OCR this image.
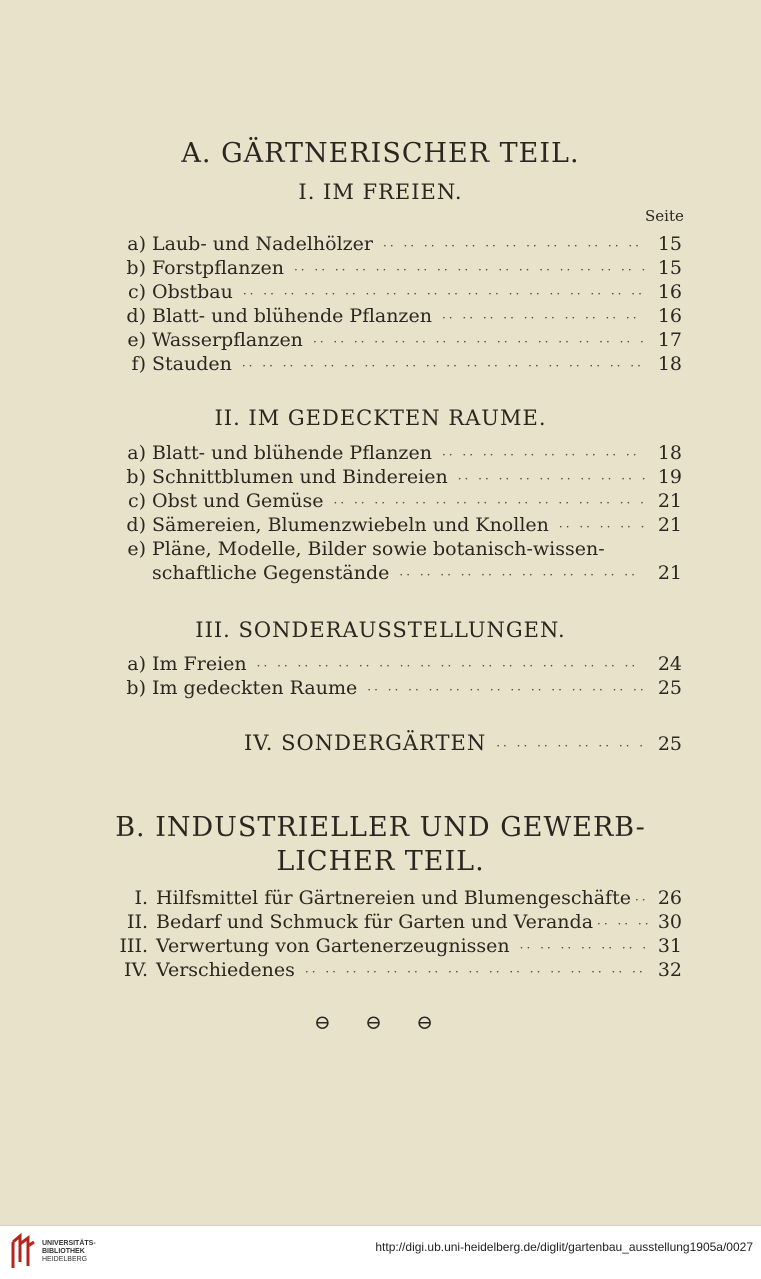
A. GÄRTNERISCHER TEIL.
I. IM FREIEN.
Seite
a) Laub- und Nadelhölzer ·· ··	15
b) Forstpflanzen ·· ··	15
c) Obstbau ·· ··	16
d) Blatt- und blühende Pflanzen ·· ··	16
e) Wasserpflanzen ·· ··	17
f) Stauden ·· ··	18
II. IM GEDECKTEN RAUME.
a) Blatt- und blühende Pflanzen ·· ··	18
b) Schnittblumen und Bindereien ·· ··	19
c) Obst und Gemüse ·· ··	21
d) Sämereien, Blumenzwiebeln und Knollen ·· ··	21
e) Pläne, Modelle, Bilder sowie botanisch-wissen-
schaftliche Gegenstände ·· ··	21
III. SONDERAUSSTELLUNGEN.
a) Im Freien ·· ··	24
b) Im gedeckten Raume ·· ··	25
IV. SONDERGÄRTEN ·· ··	25
B. INDUSTRIELLER UND GEWERB-
LICHER TEIL.
I. Hilfsmittel für Gärtnereien und Blumengeschäfte ·· ·· 26
II. Bedarf und Schmuck für Garten und Veranda ·· ··	30
III. Verwertung von Gartenerzeugnissen ·· ··	31
IV. Verschiedenes ·· ··	32
⊖ ⊖ ⊖
UNIVERSITÄTS-
BIBLIOTHEK
HEIDELBERG
http://digi.ub.uni-heidelberg.de/diglit/gartenbau_ausstellung1905a/0027
